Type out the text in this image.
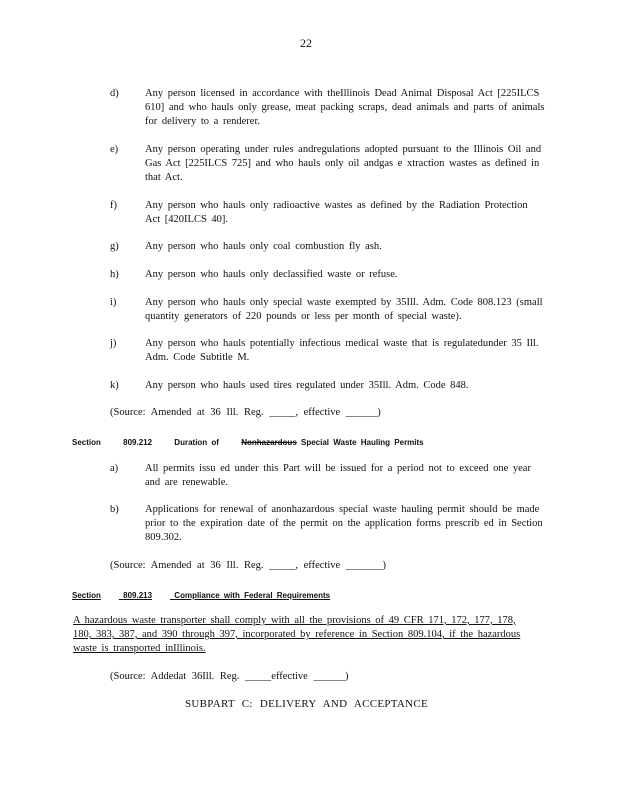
22
d)	Any person licensed in accordance with theIllinois Dead Animal Disposal Act [225ILCS 610] and who hauls only grease, meat packing scraps, dead animals and parts of animals for delivery to a renderer.
e)	Any person operating under rules andregulations adopted pursuant to the Illinois Oil and Gas Act [225ILCS 725] and who hauls only oil andgas e xtraction wastes as defined in that Act.
f)	Any person who hauls only radioactive wastes as defined by the Radiation Protection Act [420ILCS 40].
g)	Any person who hauls only coal combustion fly ash.
h)	Any person who hauls only declassified waste or refuse.
i)	Any person who hauls only special waste exempted by 35Ill. Adm. Code 808.123 (small quantity generators of 220 pounds or less per month of special waste).
j)	Any person who hauls potentially infectious medical waste that is regulatedunder 35 Ill. Adm. Code Subtitle M.
k)	Any person who hauls used tires regulated under 35Ill. Adm. Code 848.
(Source: Amended at 36 Ill. Reg. _____, effective ______)
Section	809.212	Duration of	Nonhazardous Special Waste Hauling Permits
a)	All permits issu ed under this Part will be issued for a period not to exceed one year and are renewable.
b)	Applications for renewal of anonhazardous special waste hauling permit should be made prior to the expiration date of the permit on the application forms prescrib ed in Section 809.302.
(Source: Amended at 36 Ill. Reg. _____, effective _______)
Section	809.213	Compliance with Federal Requirements
A hazardous waste transporter shall comply with all the provisions of 49 CFR 171, 172, 177, 178, 180, 383, 387, and 390 through 397, incorporated by reference in Section 809.104, if the hazardous waste is transported inIllinois.
(Source: Addedat 36Ill. Reg. _____effective ______)
SUBPART C: DELIVERY AND ACCEPTANCE
